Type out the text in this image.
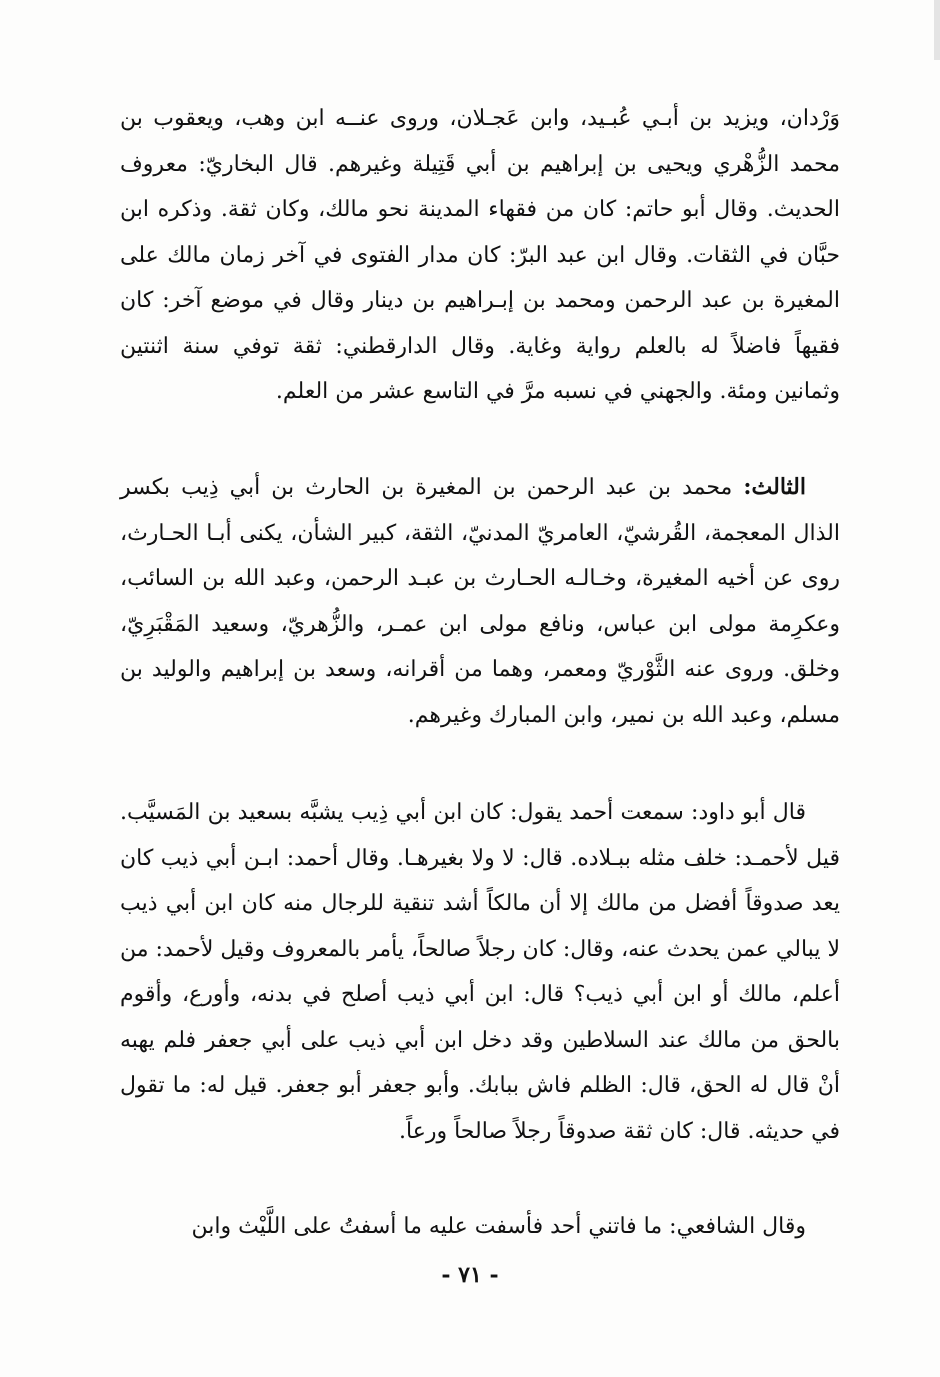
وَرْدان، ويزيد بن أبـي عُبـيد، وابن عَجـلان، وروى عنــه ابن وهب، ويعقوب بن محمد الزُّهْري ويحيى بن إبراهيم بن أبي قَتِيلة وغيرهم. قال البخاريّ: معروف الحديث. وقال أبو حاتم: كان من فقهاء المدينة نحو مالك، وكان ثقة. وذكره ابن حبَّان في الثقات. وقال ابن عبد البرّ: كان مدار الفتوى في آخر زمان مالك على المغيرة بن عبد الرحمن ومحمد بن إبـراهيم بن دينار وقال في موضع آخر: كان فقيهاً فاضلاً له بالعلم رواية وغاية. وقال الدارقطني: ثقة توفي سنة اثنتين وثمانين ومئة. والجهني في نسبه مرَّ في التاسع عشر من العلم.

الثالث: محمد بن عبد الرحمن بن المغيرة بن الحارث بن أبي ذِيب بكسر الذال المعجمة، القُرشيّ، العامريّ المدنيّ، الثقة، كبير الشأن، يكنى أبـا الحـارث، روى عن أخيه المغيرة، وخـالـه الحـارث بن عبـد الرحمن، وعبد الله بن السائب، وعكرِمة مولى ابن عباس، ونافع مولى ابن عمـر، والزُّهريّ، وسعيد المَقْبَرِيّ، وخلق. وروى عنه الثَّوْريّ ومعمر، وهما من أقرانه، وسعد بن إبراهيم والوليد بن مسلم، وعبد الله بن نمير، وابن المبارك وغيرهم.

قال أبو داود: سمعت أحمد يقول: كان ابن أبي ذِيب يشبَّه بسعيد بن المَسيَّب. قيل لأحمـد: خلف مثله ببـلاده. قال: لا ولا بغيرهـا. وقال أحمد: ابـن أبي ذيب كان يعد صدوقاً أفضل من مالك إلا أن مالكاً أشد تنقية للرجال منه كان ابن أبي ذيب لا يبالي عمن يحدث عنه، وقال: كان رجلاً صالحاً، يأمر بالمعروف وقيل لأحمد: من أعلم، مالك أو ابن أبي ذيب؟ قال: ابن أبي ذيب أصلح في بدنه، وأورع، وأقوم بالحق من مالك عند السلاطين وقد دخل ابن أبي ذيب على أبي جعفر فلم يهبه أنْ قال له الحق، قال: الظلم فاش ببابك. وأبو جعفر أبو جعفر. قيل له: ما تقول في حديثه. قال: كان ثقة صدوقاً رجلاً صالحاً ورعاً.

وقال الشافعي: ما فاتني أحد فأسفت عليه ما أسفتُ على اللَّيْث وابن

- ٧١ -
